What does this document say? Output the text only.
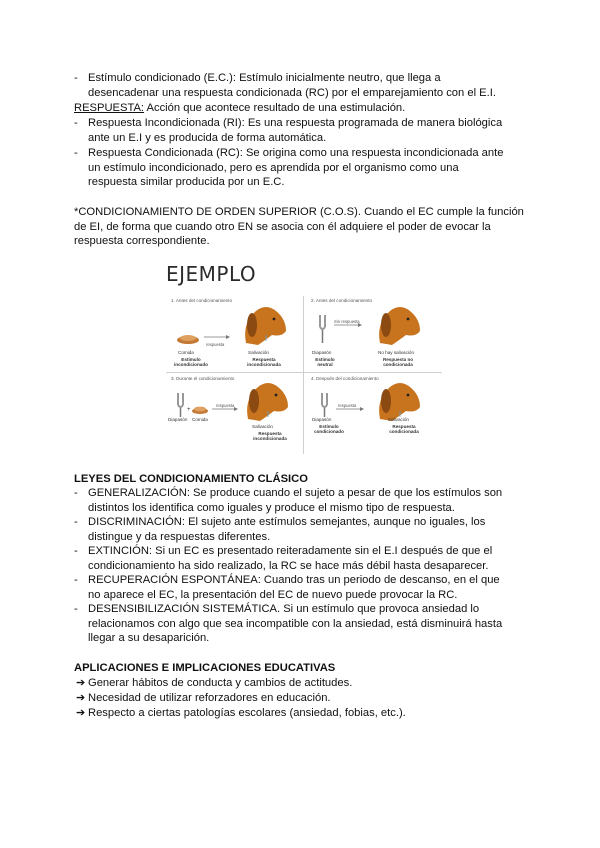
- Estímulo condicionado (E.C.): Estímulo inicialmente neutro, que llega a
desencadenar una respuesta condicionada (RC) por el emparejamiento con el E.I.
RESPUESTA: Acción que acontece resultado de una estimulación.
- Respuesta Incondicionada (RI): Es una respuesta programada de manera biológica
ante un E.I y es producida de forma automática.
- Respuesta Condicionada (RC): Se origina como una respuesta incondicionada ante
un estímulo incondicionado, pero es aprendida por el organismo como una
respuesta similar producida por un E.C.
*CONDICIONAMIENTO DE ORDEN SUPERIOR (C.O.S). Cuando el EC cumple la función
de EI, de forma que cuando otro EN se asocia con él adquiere el poder de evocar la
respuesta correspondiente.
EJEMPLO
1. Antes del condicionamiento
respuesta
Comida	Salivación
Estímulo incondicionado
Respuesta incondicionada
2. Antes del condicionamiento
Sin respuesta
Diapasón	No hay salivación
Estímulo neutral
Respuesta no condicionada
3. Durante el condicionamiento
+
respuesta
Diapasón Comida
Salivación
Respuesta incondicionada
4. Después del condicionamiento
respuesta
Diapasón	Salivación
Estímulo condicionado
Respuesta condicionada
LEYES DEL CONDICIONAMIENTO CLÁSICO
- GENERALIZACIÓN: Se produce cuando el sujeto a pesar de que los estímulos son
distintos los identifica como iguales y produce el mismo tipo de respuesta.
- DISCRIMINACIÓN: El sujeto ante estímulos semejantes, aunque no iguales, los
distingue y da respuestas diferentes.
- EXTINCIÓN: Si un EC es presentado reiteradamente sin el E.I después de que el
condicionamiento ha sido realizado, la RC se hace más débil hasta desaparecer.
- RECUPERACIÓN ESPONTÁNEA: Cuando tras un periodo de descanso, en el que
no aparece el EC, la presentación del EC de nuevo puede provocar la RC.
- DESENSIBILIZACIÓN SISTEMÁTICA. Si un estímulo que provoca ansiedad lo
relacionamos con algo que sea incompatible con la ansiedad, está disminuirá hasta
llegar a su desaparición.
APLICACIONES E IMPLICACIONES EDUCATIVAS
➔ Generar hábitos de conducta y cambios de actitudes.
➔ Necesidad de utilizar reforzadores en educación.
➔ Respecto a ciertas patologías escolares (ansiedad, fobias, etc.).
